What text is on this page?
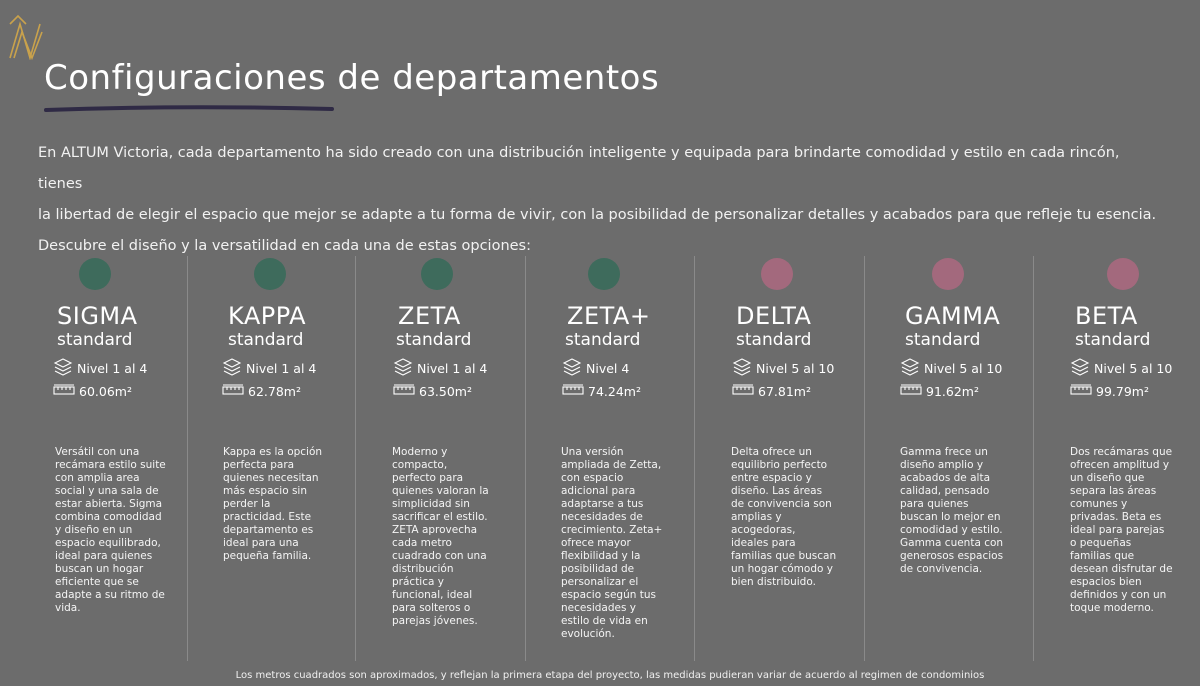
Configuraciones de departamentos

En ALTUM Victoria, cada departamento ha sido creado con una distribución inteligente y equipada para brindarte comodidad y estilo en cada rincón, tienes

la libertad de elegir el espacio que mejor se adapte a tu forma de vivir, con la posibilidad de personalizar detalles y acabados para que refleje tu esencia.

Descubre el diseño y la versatilidad en cada una de estas opciones:

SIGMA
standard
Nivel 1 al 4
60.06m²
Versátil con una
recámara estilo suite
con amplia area
social y una sala de
estar abierta. Sigma
combina comodidad
y diseño en un
espacio equilibrado,
ideal para quienes
buscan un hogar
eficiente que se
adapte a su ritmo de
vida.
KAPPA
standard
Nivel 1 al 4
62.78m²
Kappa es la opción
perfecta para
quienes necesitan
más espacio sin
perder la
practicidad. Este
departamento es
ideal para una
pequeña familia.
ZETA
standard
Nivel 1 al 4
63.50m²
Moderno y
compacto,
perfecto para
quienes valoran la
simplicidad sin
sacrificar el estilo.
ZETA aprovecha
cada metro
cuadrado con una
distribución
práctica y
funcional, ideal
para solteros o
parejas jóvenes.
ZETA+
standard
Nivel 4
74.24m²
Una versión
ampliada de Zetta,
con espacio
adicional para
adaptarse a tus
necesidades de
crecimiento. Zeta+
ofrece mayor
flexibilidad y la
posibilidad de
personalizar el
espacio según tus
necesidades y
estilo de vida en
evolución.
DELTA
standard
Nivel 5 al 10
67.81m²
Delta ofrece un
equilibrio perfecto
entre espacio y
diseño. Las áreas
de convivencia son
amplias y
acogedoras,
ideales para
familias que buscan
un hogar cómodo y
bien distribuido.
GAMMA
standard
Nivel 5 al 10
91.62m²
Gamma frece un
diseño amplio y
acabados de alta
calidad, pensado
para quienes
buscan lo mejor en
comodidad y estilo.
Gamma cuenta con
generosos espacios
de convivencia.
BETA
standard
Nivel 5 al 10
99.79m²
Dos recámaras que
ofrecen amplitud y
un diseño que
separa las áreas
comunes y
privadas. Beta es
ideal para parejas
o pequeñas
familias que
desean disfrutar de
espacios bien
definidos y con un
toque moderno.
Los metros cuadrados son aproximados, y reflejan la primera etapa del proyecto, las medidas pudieran variar de acuerdo al regimen de condominios
